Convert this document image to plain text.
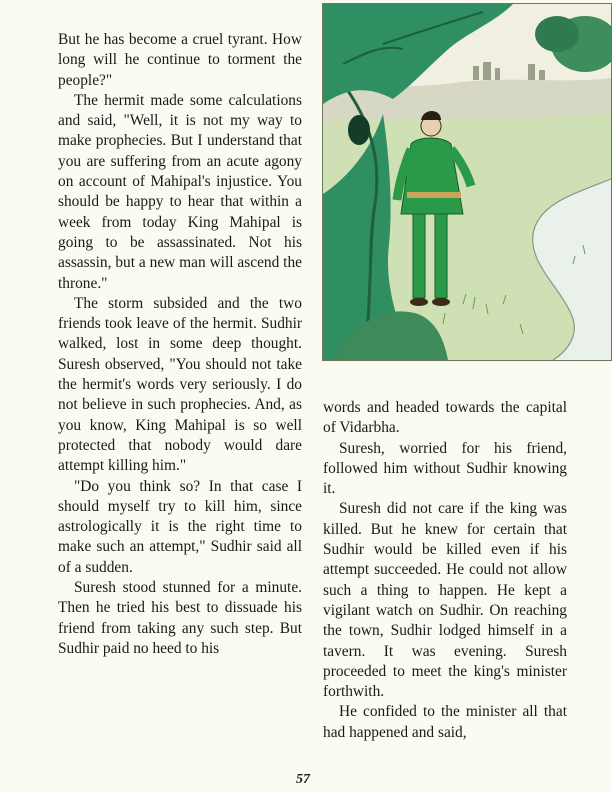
But he has become a cruel tyrant. How long will he continue to torment the people?"

The hermit made some calculations and said, "Well, it is not my way to make prophecies. But I understand that you are suffering from an acute agony on account of Mahipal's injustice. You should be happy to hear that within a week from today King Mahipal is going to be assassinated. Not his assassin, but a new man will ascend the throne."

The storm subsided and the two friends took leave of the hermit. Sudhir walked, lost in some deep thought. Suresh observed, "You should not take the hermit's words very seriously. I do not believe in such prophecies. And, as you know, King Mahipal is so well protected that nobody would dare attempt killing him."

"Do you think so? In that case I should myself try to kill him, since astrologically it is the right time to make such an attempt," Sudhir said all of a sudden.

Suresh stood stunned for a minute. Then he tried his best to dissuade his friend from taking any such step. But Sudhir paid no heed to his

words and headed towards the capital of Vidarbha.

Suresh, worried for his friend, followed him without Sudhir knowing it.

Suresh did not care if the king was killed. But he knew for certain that Sudhir would be killed even if his attempt succeeded. He could not allow such a thing to happen. He kept a vigilant watch on Sudhir. On reaching the town, Sudhir lodged himself in a tavern. It was evening. Suresh proceeded to meet the king's minister forthwith.

He confided to the minister all that had happened and said,

57
